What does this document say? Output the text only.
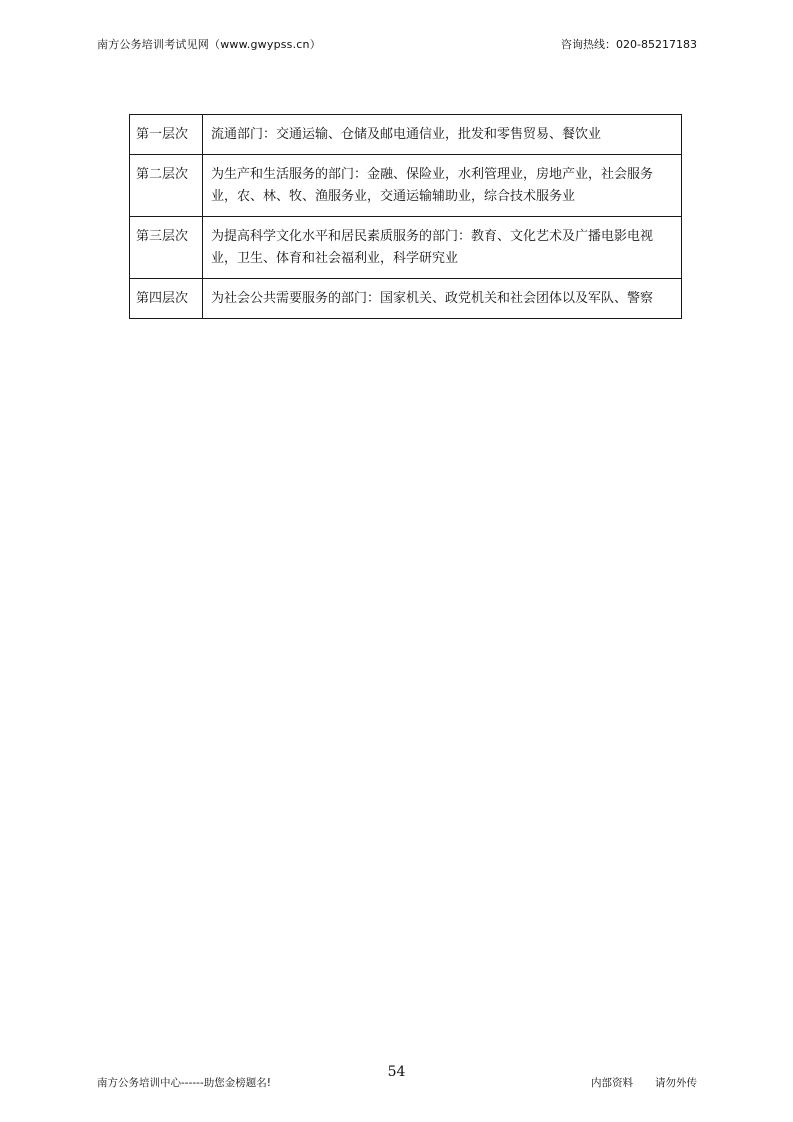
南方公务培训考试见网（www.gwypss.cn）	咨询热线：020-85217183
第一层次	流通部门：交通运输、仓储及邮电通信业，批发和零售贸易、餐饮业
第二层次	为生产和生活服务的部门：金融、保险业，水利管理业，房地产业，社会服务业，农、林、牧、渔服务业，交通运输辅助业，综合技术服务业
第三层次	为提高科学文化水平和居民素质服务的部门：教育、文化艺术及广播电影电视业，卫生、体育和社会福利业，科学研究业
第四层次	为社会公共需要服务的部门：国家机关、政党机关和社会团体以及军队、警察
54
南方公务培训中心------助您金榜题名!	内部资料 请勿外传
